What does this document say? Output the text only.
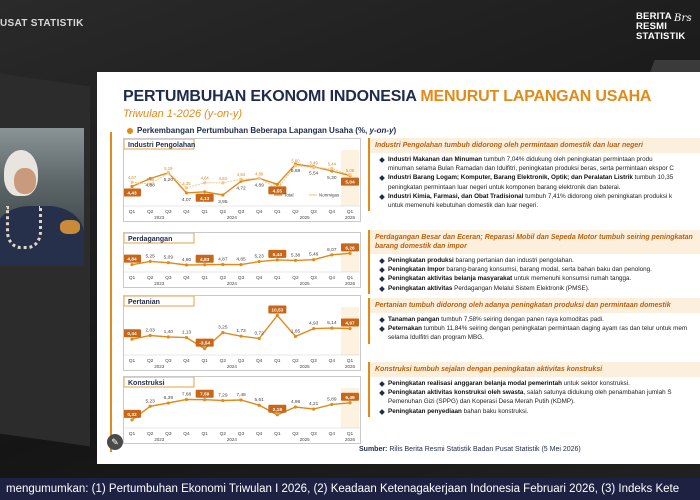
USAT STATISTIK
BERITA
RESMI
STATISTIK
Brs
PERTUMBUHAN EKONOMI INDONESIA MENURUT LAPANGAN USAHA
Triwulan 1-2026 (y-on-y)
Perkembangan Pertumbuhan Beberapa Lapangan Usaha (%, y-on-y)
✎
Industri Pengolahan
4,43
4,88
5,20
4,07 4,13
3,95
4,72
4,89
4,55
5,68 5,54
5,30
5,04
4,67 4,56
5,19
4,35
4,64 4,63
4,84 4,89
4,31
5,60 5,49 5,44
5,08
Total	Nonmigas
Q1 Q2 Q3 Q4 Q1 Q2 Q3 Q4 Q1 Q2 Q3 Q4 Q1
2023	2024	2025	2026
Perdagangan
4,84
5,25 5,09 4,80 4,83 4,87 4,85
5,23 5,44 5,38 5,46
6,07 6,26
Q1 Q2 Q3 Q4 Q1 Q2 Q3 Q4 Q1 Q2 Q3 Q4 Q1
2023	2024	2025	2026
Pertanian
0,44
2,03 1,40 1,13
-3,54
3,25
1,73 0,72
10,53
1,65
4,93 5,14 4,97
Q1 Q2 Q3 Q4 Q1 Q2 Q3 Q4 Q1 Q2 Q3 Q4 Q1
2023	2024	2025	2026
Konstruksi
0,32
5,23
6,39
7,68 7,59 7,29 7,48
5,61
2,18
4,98 4,21
5,89 6,49
Q1 Q2 Q3 Q4 Q1 Q2 Q3 Q4 Q1 Q2 Q3 Q4 Q1
2023	2024	2025	2026
Industri Pengolahan tumbuh didorong oleh permintaan domestik dan luar negeri
Industri Makanan dan Minuman tumbuh 7,04% didukung oleh peningkatan permintaan produ
minuman selama Bulan Ramadan dan Idulfitri, peningkatan produksi beras, serta permintaan ekspor C
Industri Barang Logam; Komputer, Barang Elektronik, Optik; dan Peralatan Listrik tumbuh 10,35
peningkatan permintaan luar negeri untuk komponen barang elektronik dan baterai.
Industri Kimia, Farmasi, dan Obat Tradisional tumbuh 7,41% didorong oleh peningkatan produksi k
untuk memenuhi kebutuhan domestik dan luar negeri.
Perdagangan Besar dan Eceran; Reparasi Mobil dan Sepeda Motor tumbuh seiring peningkatan barang domestik dan impor
Peningkatan produksi barang pertanian dan industri pengolahan.
Peningkatan Impor barang-barang konsumsi, barang modal, serta bahan baku dan penolong.
Peningkatan aktivitas belanja masyarakat untuk memenuhi konsumsi rumah tangga.
Peningkatan aktivitas Perdagangan Melalui Sistem Elektronik (PMSE).
Pertanian tumbuh didorong oleh adanya peningkatan produksi dan permintaan domestik
Tanaman pangan tumbuh 7,58% seiring dengan panen raya komoditas padi.
Peternakan tumbuh 11,84% seiring dengan peningkatan permintaan daging ayam ras dan telur untuk mem
selama Idulfitri dan program MBG.
Konstruksi tumbuh sejalan dengan peningkatan aktivitas konstruksi
Peningkatan realisasi anggaran belanja modal pemerintah untuk sektor konstruksi.
Peningkatan aktivitas konstruksi oleh swasta, salah satunya didukung oleh penambahan jumlah S
Pemenuhan Gizi (SPPG) dan Koperasi Desa Merah Putih (KDMP).
Peningkatan penyediaan bahan baku konstruksi.
Sumber: Rilis Berita Resmi Statistik Badan Pusat Statistik (5 Mei 2026)
mengumumkan: (1) Pertumbuhan Ekonomi Triwulan I 2026, (2) Keadaan Ketenagakerjaan Indonesia Februari 2026, (3) Indeks Kete
